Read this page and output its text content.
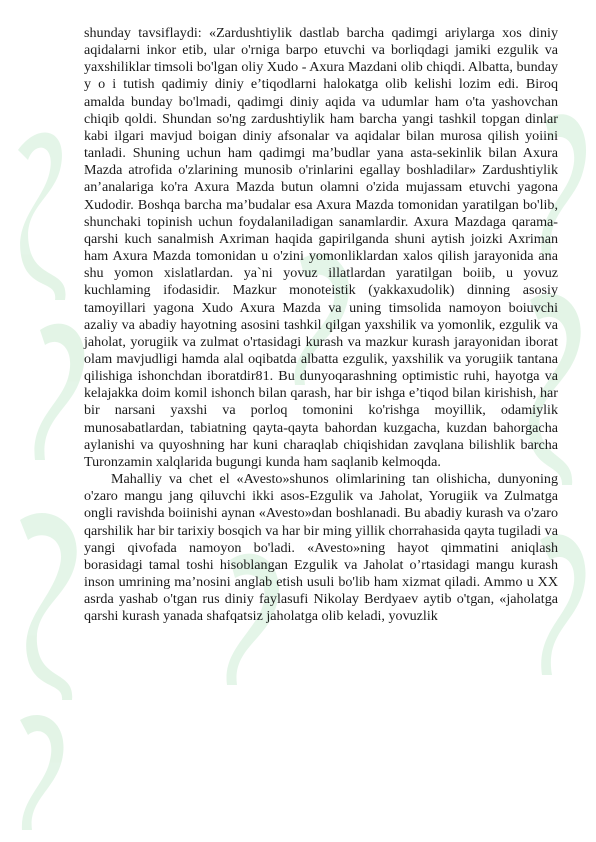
shunday tavsiflaydi: «Zardushtiylik dastlab barcha qadimgi ariylarga xos diniy aqidalarni inkor etib, ular o'rniga barpo etuvchi va borliqdagi jamiki ezgulik va yaxshiliklar timsoli bo'lgan oliy Xudo - Axura Mazdani olib chiqdi. Albatta, bunday y o i tutish qadimiy diniy e’tiqodlarni halokatga olib kelishi lozim edi. Biroq amalda bunday bo'lmadi, qadimgi diniy aqida va udumlar ham o'ta yashovchan chiqib qoldi. Shundan so'ng zardushtiylik ham barcha yangi tashkil topgan dinlar kabi ilgari mavjud boigan diniy afsonalar va aqidalar bilan murosa qilish yoiini tanladi. Shuning uchun ham qadimgi ma’budlar yana asta-sekinlik bilan Axura Mazda atrofida o'zlarining munosib o'rinlarini egallay boshladilar» Zardushtiylik an’analariga ko'ra Axura Mazda butun olamni o'zida mujassam etuvchi yagona Xudodir. Boshqa barcha ma’budalar esa Axura Mazda tomonidan yaratilgan bo'lib, shunchaki topinish uchun foydalaniladigan sanamlardir. Axura Mazdaga qarama-qarshi kuch sanalmish Axriman haqida gapirilganda shuni aytish joizki Axriman ham Axura Mazda tomonidan u o'zini yomonliklardan xalos qilish jarayonida ana shu yomon xislatlardan. ya`ni yovuz illatlardan yaratilgan boiib, u yovuz kuchlaming ifodasidir. Mazkur monoteistik (yakkaxudolik) dinning asosiy tamoyillari yagona Xudo Axura Mazda va uning timsolida namoyon boiuvchi azaliy va abadiy hayotning asosini tashkil qilgan yaxshilik va yomonlik, ezgulik va jaholat, yorugiik va zulmat o'rtasidagi kurash va mazkur kurash jarayonidan iborat olam mavjudligi hamda alal oqibatda albatta ezgulik, yaxshilik va yorugiik tantana qilishiga ishonchdan iboratdir81. Bu dunyoqarashning optimistic ruhi, hayotga va kelajakka doim komil ishonch bilan qarash, har bir ishga e’tiqod bilan kirishish, har bir narsani yaxshi va porloq tomonini ko'rishga moyillik, odamiylik munosabatlardan, tabiatning qayta-qayta bahordan kuzgacha, kuzdan bahorgacha aylanishi va quyoshning har kuni charaqlab chiqishidan zavqlana bilishlik barcha Turonzamin xalqlarida bugungi kunda ham saqlanib kelmoqda.

Mahalliy va chet el «Avesto»shunos olimlarining tan olishicha, dunyoning o'zaro mangu jang qiluvchi ikki asos-Ezgulik va Jaholat, Yorugiik va Zulmatga ongli ravishda boiinishi aynan «Avesto»dan boshlanadi. Bu abadiy kurash va o'zaro qarshilik har bir tarixiy bosqich va har bir ming yillik chorrahasida qayta tugiladi va yangi qivofada namoyon bo'ladi. «Avesto»ning hayot qimmatini aniqlash borasidagi tamal toshi hisoblangan Ezgulik va Jaholat o’rtasidagi mangu kurash inson umrining ma’nosini anglab etish usuli bo'lib ham xizmat qiladi. Ammo u XX asrda yashab o'tgan rus diniy faylasufi Nikolay Berdyaev aytib o'tgan, «jaholatga qarshi kurash yanada shafqatsiz jaholatga olib keladi, yovuzlik
